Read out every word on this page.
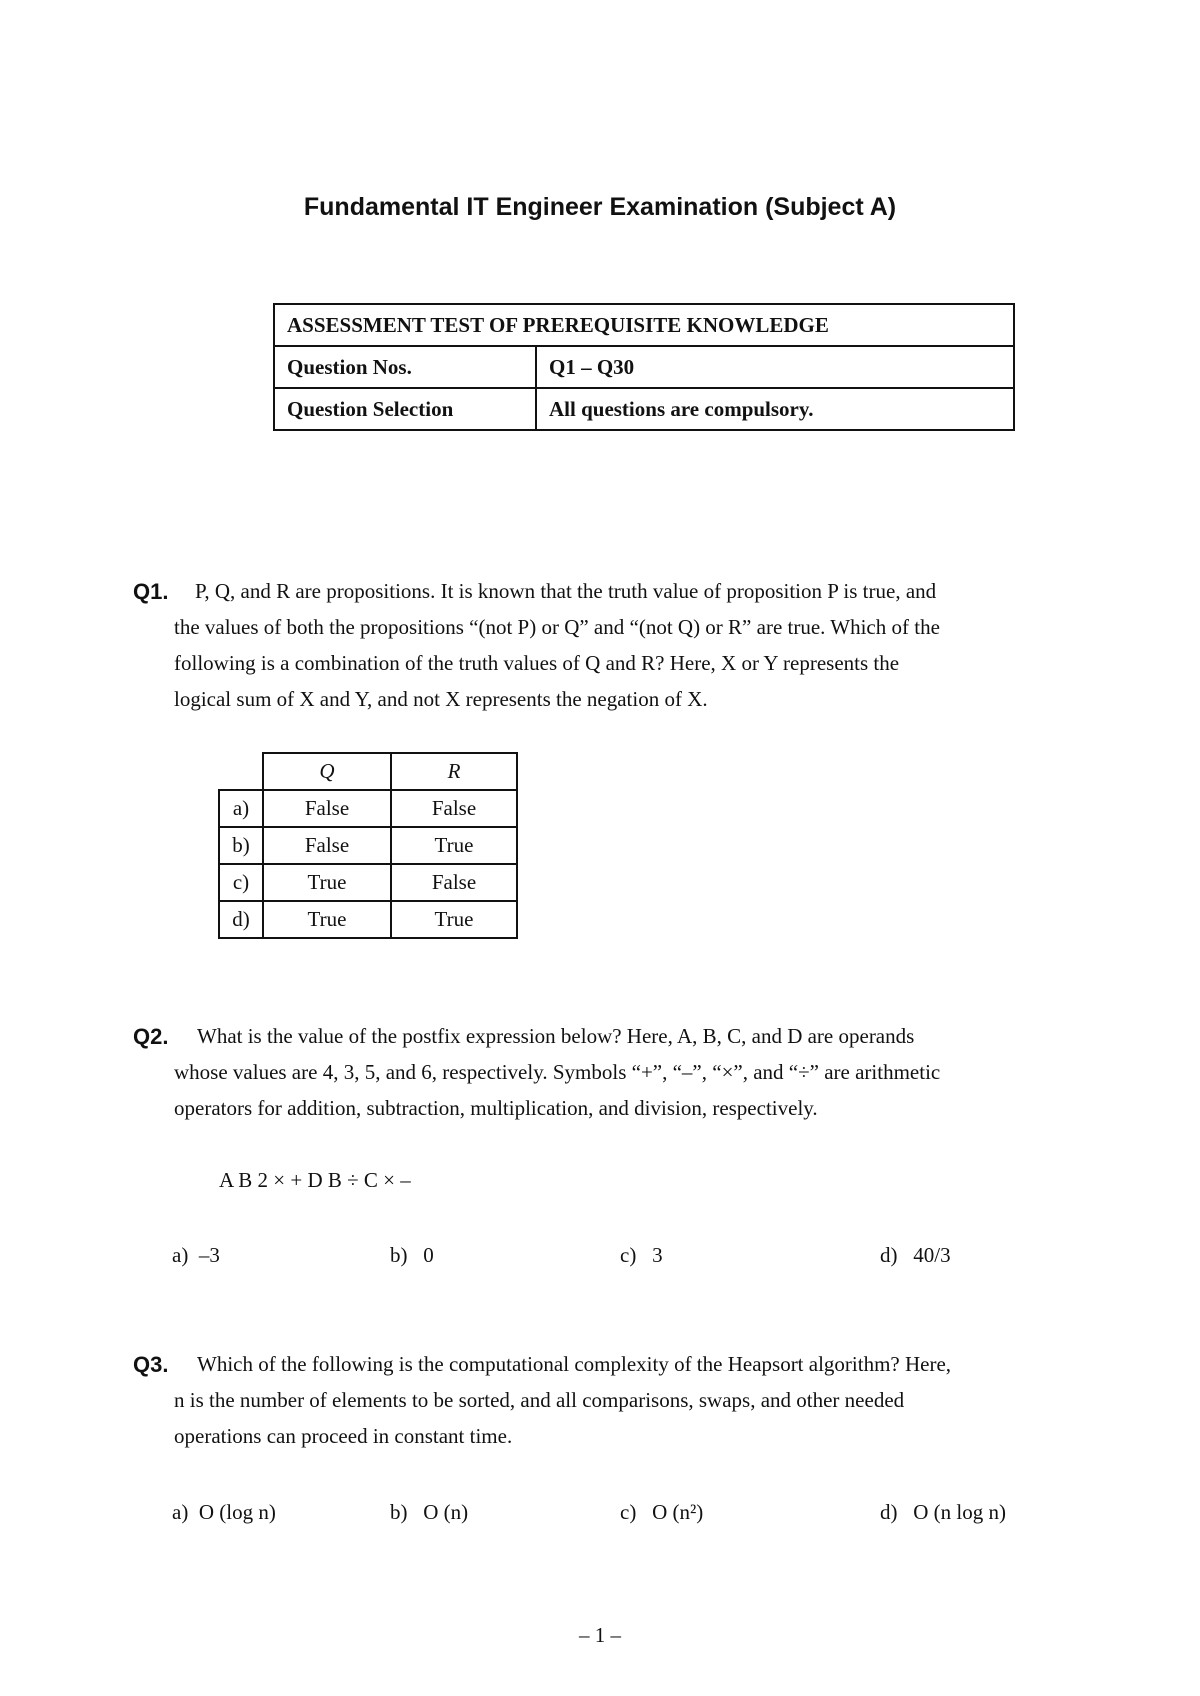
Fundamental IT Engineer Examination (Subject A)
ASSESSMENT TEST OF PREREQUISITE KNOWLEDGE	
Question Nos.	Q1 – Q30
Question Selection	All questions are compulsory.
Q1. P, Q, and R are propositions. It is known that the truth value of proposition P is true, and
the values of both the propositions “(not P) or Q” and “(not Q) or R” are true. Which of the
following is a combination of the truth values of Q and R? Here, X or Y represents the
logical sum of X and Y, and not X represents the negation of X.
	Q	R
a)	False	False
b)	False	True
c)	True	False
d)	True	True
Q2. What is the value of the postfix expression below? Here, A, B, C, and D are operands
whose values are 4, 3, 5, and 6, respectively. Symbols “+”, “–”, “×”, and “÷” are arithmetic
operators for addition, subtraction, multiplication, and division, respectively.
A B 2 × + D B ÷ C × –
a) –3	b) 0	c) 3	d) 40/3
Q3. Which of the following is the computational complexity of the Heapsort algorithm? Here,
n is the number of elements to be sorted, and all comparisons, swaps, and other needed
operations can proceed in constant time.
a) O (log n)	b) O (n)	c) O (n²)	d) O (n log n)
– 1 –
